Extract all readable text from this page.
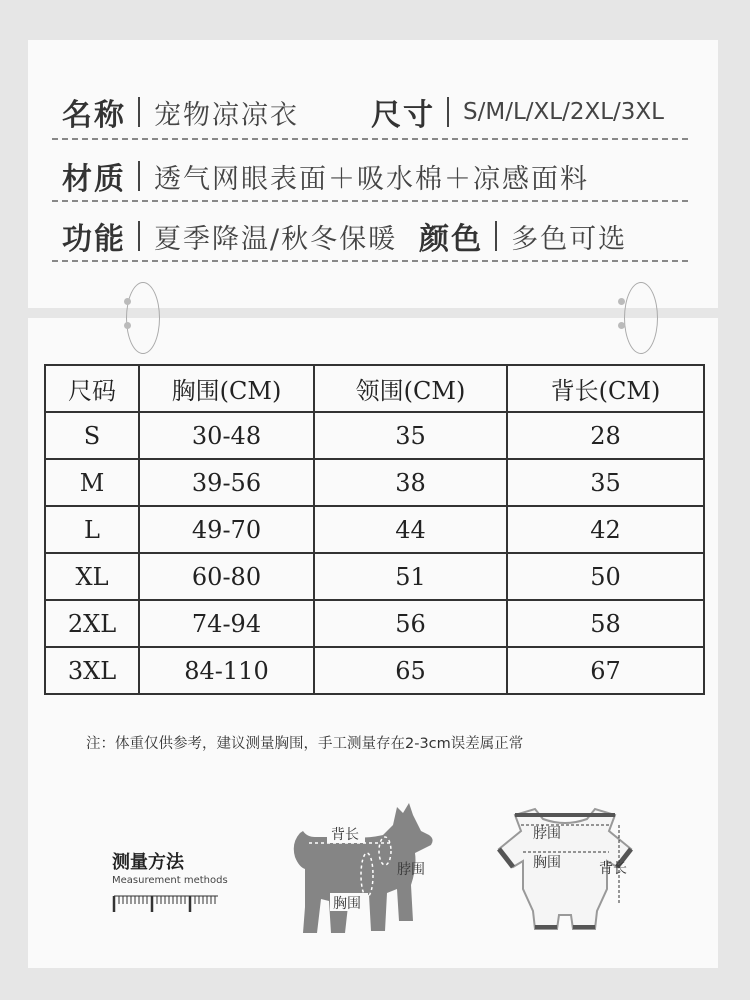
名称 宠物凉凉衣 尺寸 S/M/L/XL/2XL/3XL
材质 透气网眼表面＋吸水棉＋凉感面料
功能 夏季降温/秋冬保暖 颜色 多色可选
尺码	胸围(CM)	领围(CM)	背长(CM)
S	30-48	35	28
M	39-56	38	35
L	49-70	44	42
XL	60-80	51	50
2XL	74-94	56	58
3XL	84-110	65	67
注：体重仅供参考，建议测量胸围，手工测量存在2-3cm误差属正常
测量方法
Measurement methods
背长
脖围
胸围
脖围
胸围	背长
